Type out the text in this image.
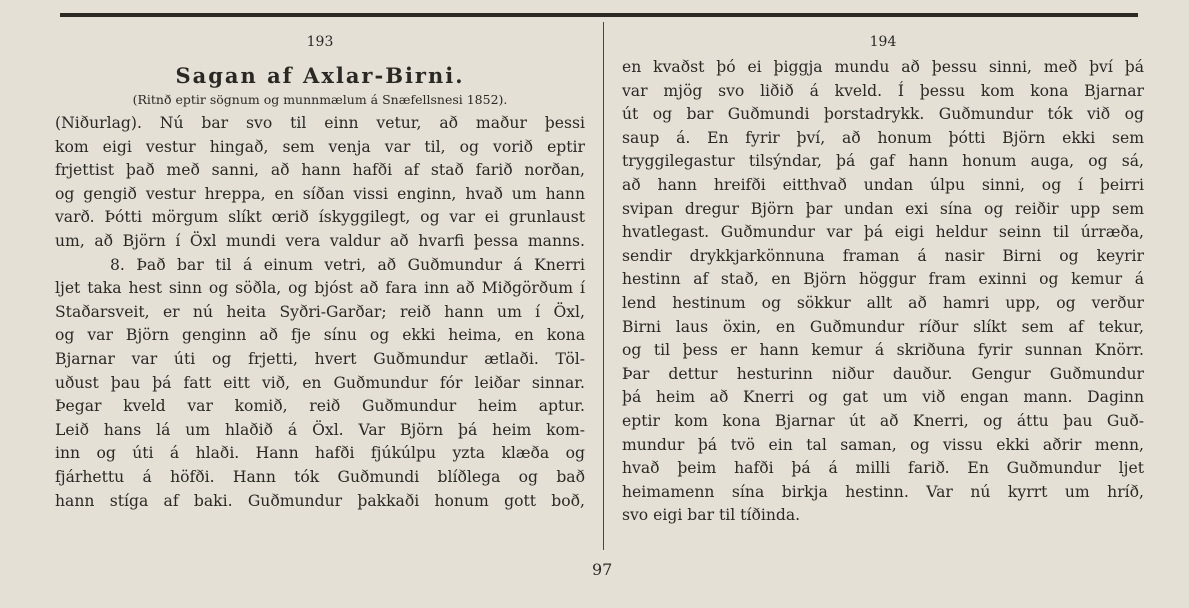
193
Sagan af Axlar-Birni.
(Ritnð eptir sögnum og munnmælum á Snæfellsnesi 1852).
(Niðurlag). Nú bar svo til einn vetur, að maður þessi
kom eigi vestur hingað, sem venja var til, og vorið eptir
frjettist það með sanni, að hann hafði af stað farið norðan,
og gengið vestur hreppa, en síðan vissi enginn, hvað um hann
varð. Þótti mörgum slíkt œrið ískyggilegt, og var ei grunlaust
um, að Björn í Öxl mundi vera valdur að hvarfi þessa manns.
8. Það bar til á einum vetri, að Guðmundur á Knerri
ljet taka hest sinn og söðla, og bjóst að fara inn að Miðgörðum í
Staðarsveit, er nú heita Syðri-Garðar; reið hann um í Öxl,
og var Björn genginn að fje sínu og ekki heima, en kona
Bjarnar var úti og frjetti, hvert Guðmundur ætlaði. Töl-
uðust þau þá fatt eitt við, en Guðmundur fór leiðar sinnar.
Þegar kveld var komið, reið Guðmundur heim aptur.
Leið hans lá um hlaðið á Öxl. Var Björn þá heim kom-
inn og úti á hlaði. Hann hafði fjúkúlpu yzta klæða og
fjárhettu á höfði. Hann tók Guðmundi blíðlega og bað
hann stíga af baki. Guðmundur þakkaði honum gott boð,
194
en kvaðst þó ei þiggja mundu að þessu sinni, með því þá
var mjög svo liðið á kveld. Í þessu kom kona Bjarnar
út og bar Guðmundi þorstadrykk. Guðmundur tók við og
saup á. En fyrir því, að honum þótti Björn ekki sem
tryggilegastur tilsýndar, þá gaf hann honum auga, og sá,
að hann hreifði eitthvað undan úlpu sinni, og í þeirri
svipan dregur Björn þar undan exi sína og reiðir upp sem
hvatlegast. Guðmundur var þá eigi heldur seinn til úrræða,
sendir drykkjarkönnuna framan á nasir Birni og keyrir
hestinn af stað, en Björn höggur fram exinni og kemur á
lend hestinum og sökkur allt að hamri upp, og verður
Birni laus öxin, en Guðmundur ríður slíkt sem af tekur,
og til þess er hann kemur á skriðuna fyrir sunnan Knörr.
Þar dettur hesturinn niður dauður. Gengur Guðmundur
þá heim að Knerri og gat um við engan mann. Daginn
eptir kom kona Bjarnar út að Knerri, og áttu þau Guð-
mundur þá tvö ein tal saman, og vissu ekki aðrir menn,
hvað þeim hafði þá á milli farið. En Guðmundur ljet
heimamenn sína birkja hestinn. Var nú kyrrt um hríð,
svo eigi bar til tíðinda.
97
